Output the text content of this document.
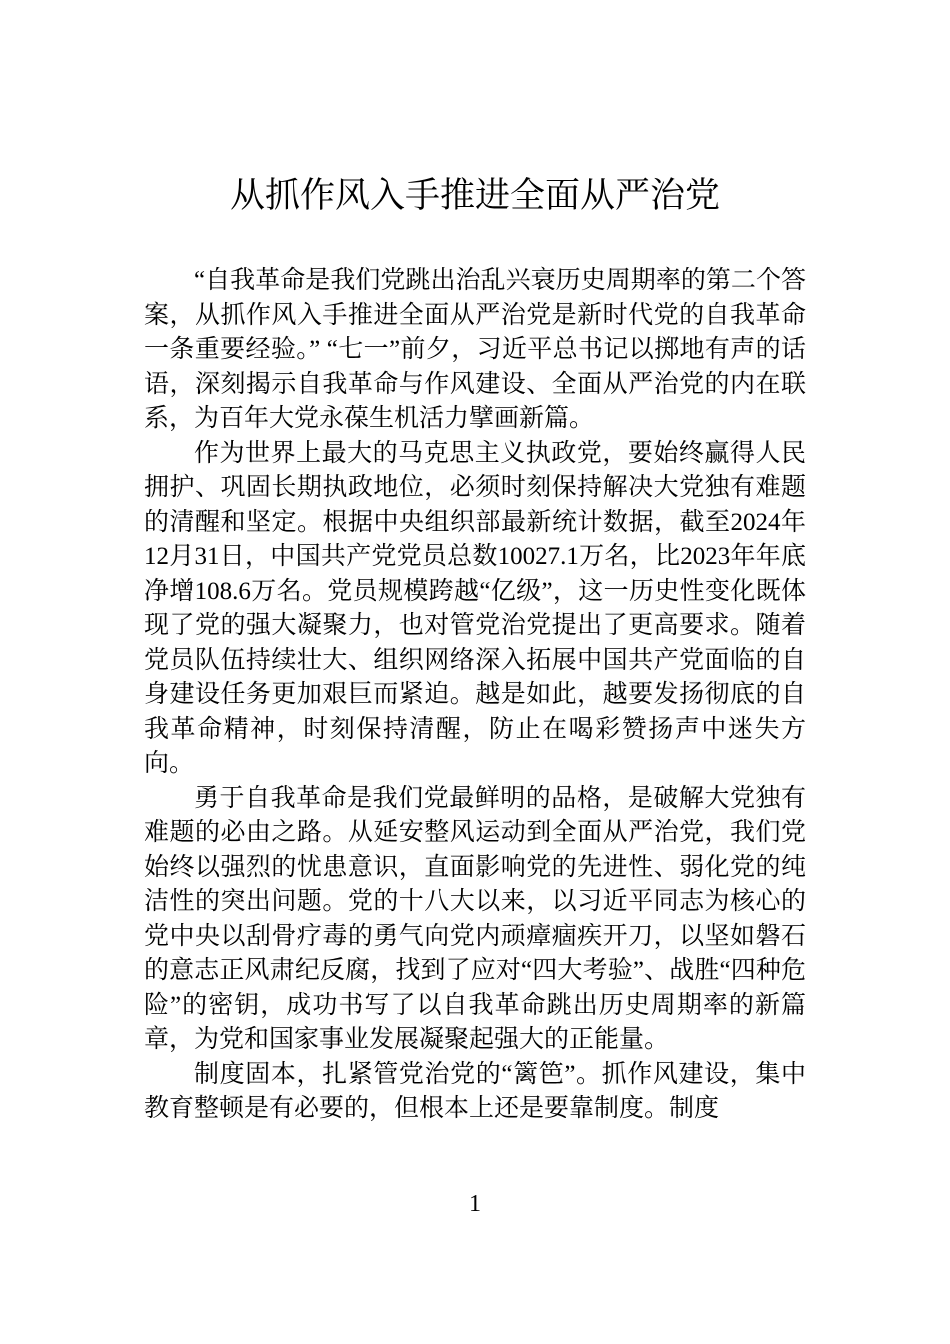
从抓作风入手推进全面从严治党

“自我革命是我们党跳出治乱兴衰历史周期率的第二个答案，从抓作风入手推进全面从严治党是新时代党的自我革命一条重要经验。” “七一”前夕，习近平总书记以掷地有声的话语，深刻揭示自我革命与作风建设、全面从严治党的内在联系，为百年大党永葆生机活力擘画新篇。

作为世界上最大的马克思主义执政党，要始终赢得人民拥护、巩固长期执政地位，必须时刻保持解决大党独有难题的清醒和坚定。根据中央组织部最新统计数据，截至2024年12月31日，中国共产党党员总数10027.1万名，比2023年年底净增108.6万名。党员规模跨越“亿级”，这一历史性变化既体现了党的强大凝聚力，也对管党治党提出了更高要求。随着党员队伍持续壮大、组织网络深入拓展中国共产党面临的自身建设任务更加艰巨而紧迫。越是如此，越要发扬彻底的自我革命精神，时刻保持清醒，防止在喝彩赞扬声中迷失方向。

勇于自我革命是我们党最鲜明的品格，是破解大党独有难题的必由之路。从延安整风运动到全面从严治党，我们党始终以强烈的忧患意识，直面影响党的先进性、弱化党的纯洁性的突出问题。党的十八大以来，以习近平同志为核心的党中央以刮骨疗毒的勇气向党内顽瘴痼疾开刀，以坚如磐石的意志正风肃纪反腐，找到了应对“四大考验”、战胜“四种危险”的密钥，成功书写了以自我革命跳出历史周期率的新篇章，为党和国家事业发展凝聚起强大的正能量。

制度固本，扎紧管党治党的“篱笆”。抓作风建设，集中教育整顿是有必要的，但根本上还是要靠制度。制度

1
